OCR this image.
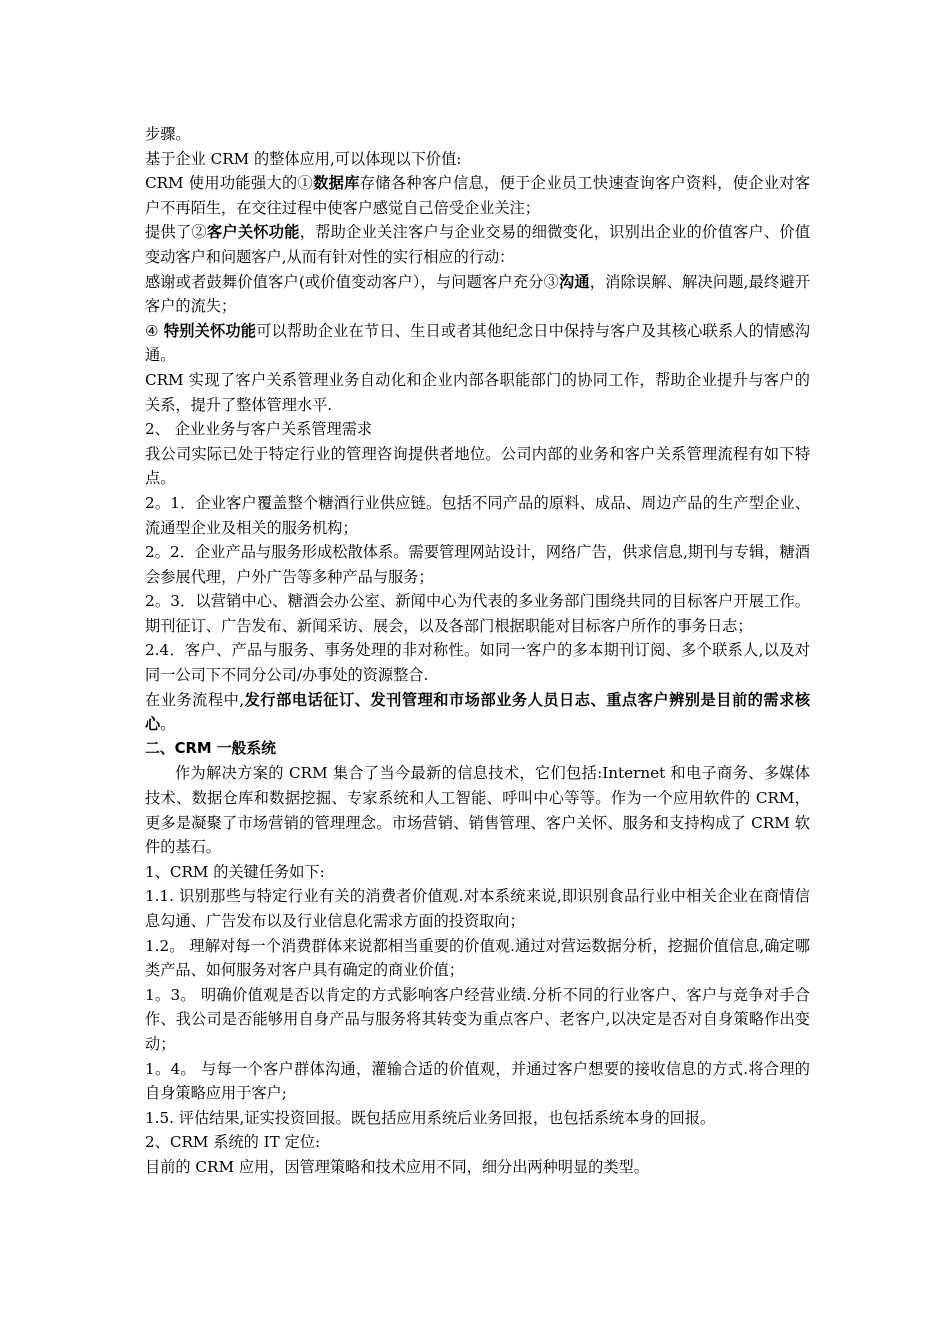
步骤。

基于企业 CRM 的整体应用,可以体现以下价值:

CRM 使用功能强大的①数据库存储各种客户信息，便于企业员工快速查询客户资料，使企业对客户不再陌生，在交往过程中使客户感觉自己倍受企业关注；

提供了②客户关怀功能，帮助企业关注客户与企业交易的细微变化，识别出企业的价值客户、价值变动客户和问题客户,从而有针对性的实行相应的行动：

感谢或者鼓舞价值客户(或价值变动客户），与问题客户充分③沟通，消除误解、解决问题,最终避开客户的流失；

④ 特别关怀功能可以帮助企业在节日、生日或者其他纪念日中保持与客户及其核心联系人的情感沟通。

CRM 实现了客户关系管理业务自动化和企业内部各职能部门的协同工作，帮助企业提升与客户的关系，提升了整体管理水平.

2、 企业业务与客户关系管理需求

我公司实际已处于特定行业的管理咨询提供者地位。公司内部的业务和客户关系管理流程有如下特点。

2。1．企业客户覆盖整个糖酒行业供应链。包括不同产品的原料、成品、周边产品的生产型企业、流通型企业及相关的服务机构；

2。2．企业产品与服务形成松散体系。需要管理网站设计，网络广告，供求信息,期刊与专辑，糖酒会参展代理，户外广告等多种产品与服务；

2。3．以营销中心、糖酒会办公室、新闻中心为代表的多业务部门围绕共同的目标客户开展工作。期刊征订、广告发布、新闻采访、展会，以及各部门根据职能对目标客户所作的事务日志；

2.4．客户、产品与服务、事务处理的非对称性。如同一客户的多本期刊订阅、多个联系人,以及对同一公司下不同分公司/办事处的资源整合.

在业务流程中,发行部电话征订、发刊管理和市场部业务人员日志、重点客户辨别是目前的需求核心。

二、CRM 一般系统

作为解决方案的 CRM 集合了当今最新的信息技术，它们包括:Internet 和电子商务、多媒体技术、数据仓库和数据挖掘、专家系统和人工智能、呼叫中心等等。作为一个应用软件的 CRM，更多是凝聚了市场营销的管理理念。市场营销、销售管理、客户关怀、服务和支持构成了 CRM 软件的基石。

1、CRM 的关键任务如下:

1.1. 识别那些与特定行业有关的消费者价值观.对本系统来说,即识别食品行业中相关企业在商情信息勾通、广告发布以及行业信息化需求方面的投资取向；

1.2。 理解对每一个消费群体来说都相当重要的价值观.通过对营运数据分析，挖掘价值信息,确定哪类产品、如何服务对客户具有确定的商业价值；

1。3。 明确价值观是否以肯定的方式影响客户经营业绩.分析不同的行业客户、客户与竞争对手合作、我公司是否能够用自身产品与服务将其转变为重点客户、老客户,以决定是否对自身策略作出变动；

1。4。 与每一个客户群体沟通，灌输合适的价值观，并通过客户想要的接收信息的方式.将合理的自身策略应用于客户;

1.5. 评估结果,证实投资回报。既包括应用系统后业务回报，也包括系统本身的回报。

2、CRM 系统的 IT 定位:

目前的 CRM 应用，因管理策略和技术应用不同，细分出两种明显的类型。
